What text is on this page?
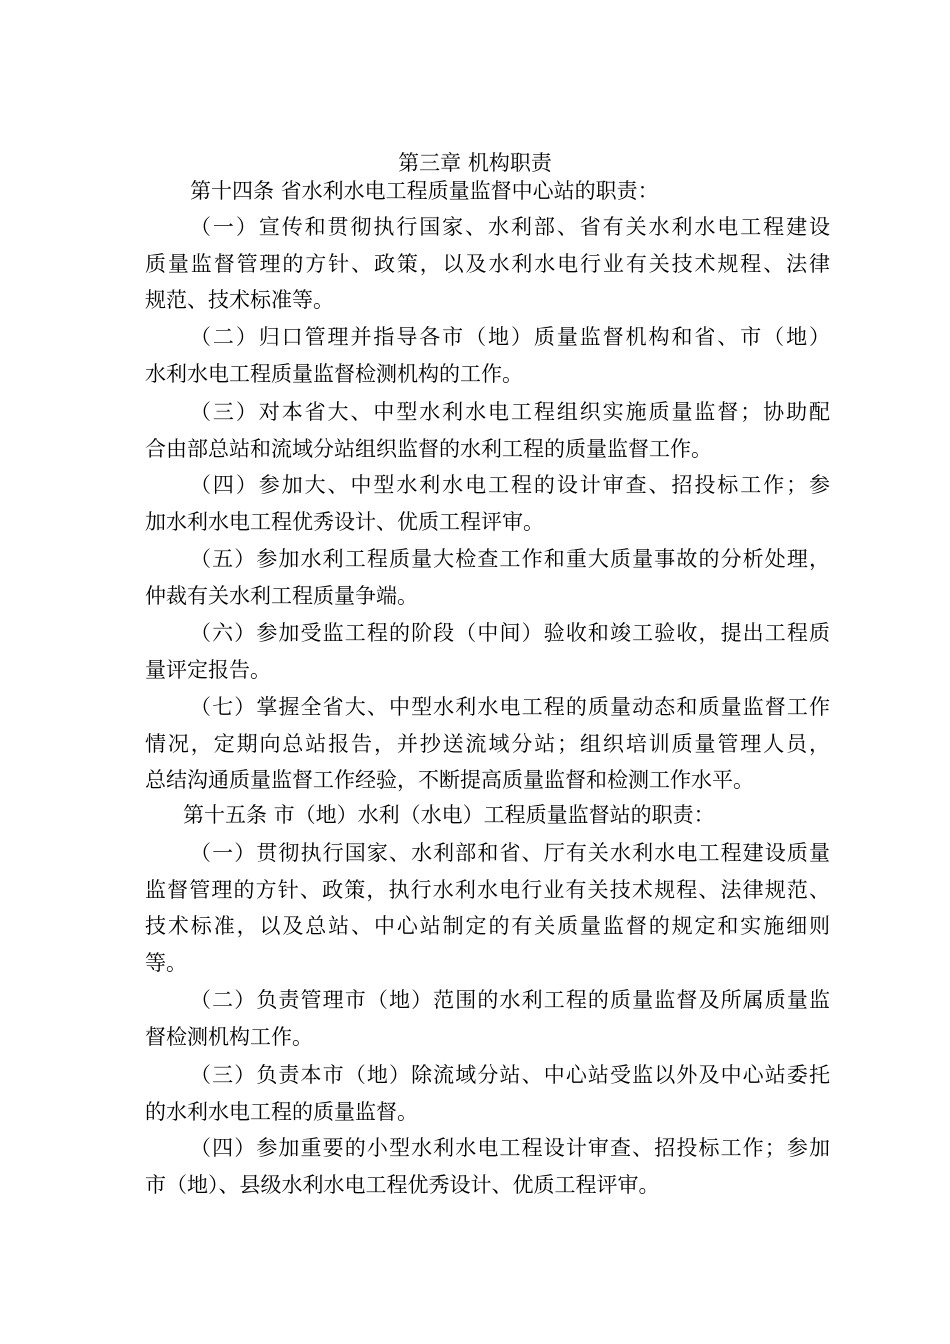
第三章 机构职责
第十四条 省水利水电工程质量监督中心站的职责：
（一）宣传和贯彻执行国家、水利部、省有关水利水电工程建设
质量监督管理的方针、政策，以及水利水电行业有关技术规程、法律
规范、技术标准等。
（二）归口管理并指导各市（地）质量监督机构和省、市（地）
水利水电工程质量监督检测机构的工作。
（三）对本省大、中型水利水电工程组织实施质量监督；协助配
合由部总站和流域分站组织监督的水利工程的质量监督工作。
（四）参加大、中型水利水电工程的设计审查、招投标工作；参
加水利水电工程优秀设计、优质工程评审。
（五）参加水利工程质量大检查工作和重大质量事故的分析处理，
仲裁有关水利工程质量争端。
（六）参加受监工程的阶段（中间）验收和竣工验收，提出工程质
量评定报告。
（七）掌握全省大、中型水利水电工程的质量动态和质量监督工作
情况，定期向总站报告，并抄送流域分站；组织培训质量管理人员，
总结沟通质量监督工作经验，不断提高质量监督和检测工作水平。
第十五条 市（地）水利（水电）工程质量监督站的职责：
（一）贯彻执行国家、水利部和省、厅有关水利水电工程建设质量
监督管理的方针、政策，执行水利水电行业有关技术规程、法律规范、
技术标准，以及总站、中心站制定的有关质量监督的规定和实施细则
等。
（二）负责管理市（地）范围的水利工程的质量监督及所属质量监
督检测机构工作。
（三）负责本市（地）除流域分站、中心站受监以外及中心站委托
的水利水电工程的质量监督。
（四）参加重要的小型水利水电工程设计审查、招投标工作；参加
市（地）、县级水利水电工程优秀设计、优质工程评审。
